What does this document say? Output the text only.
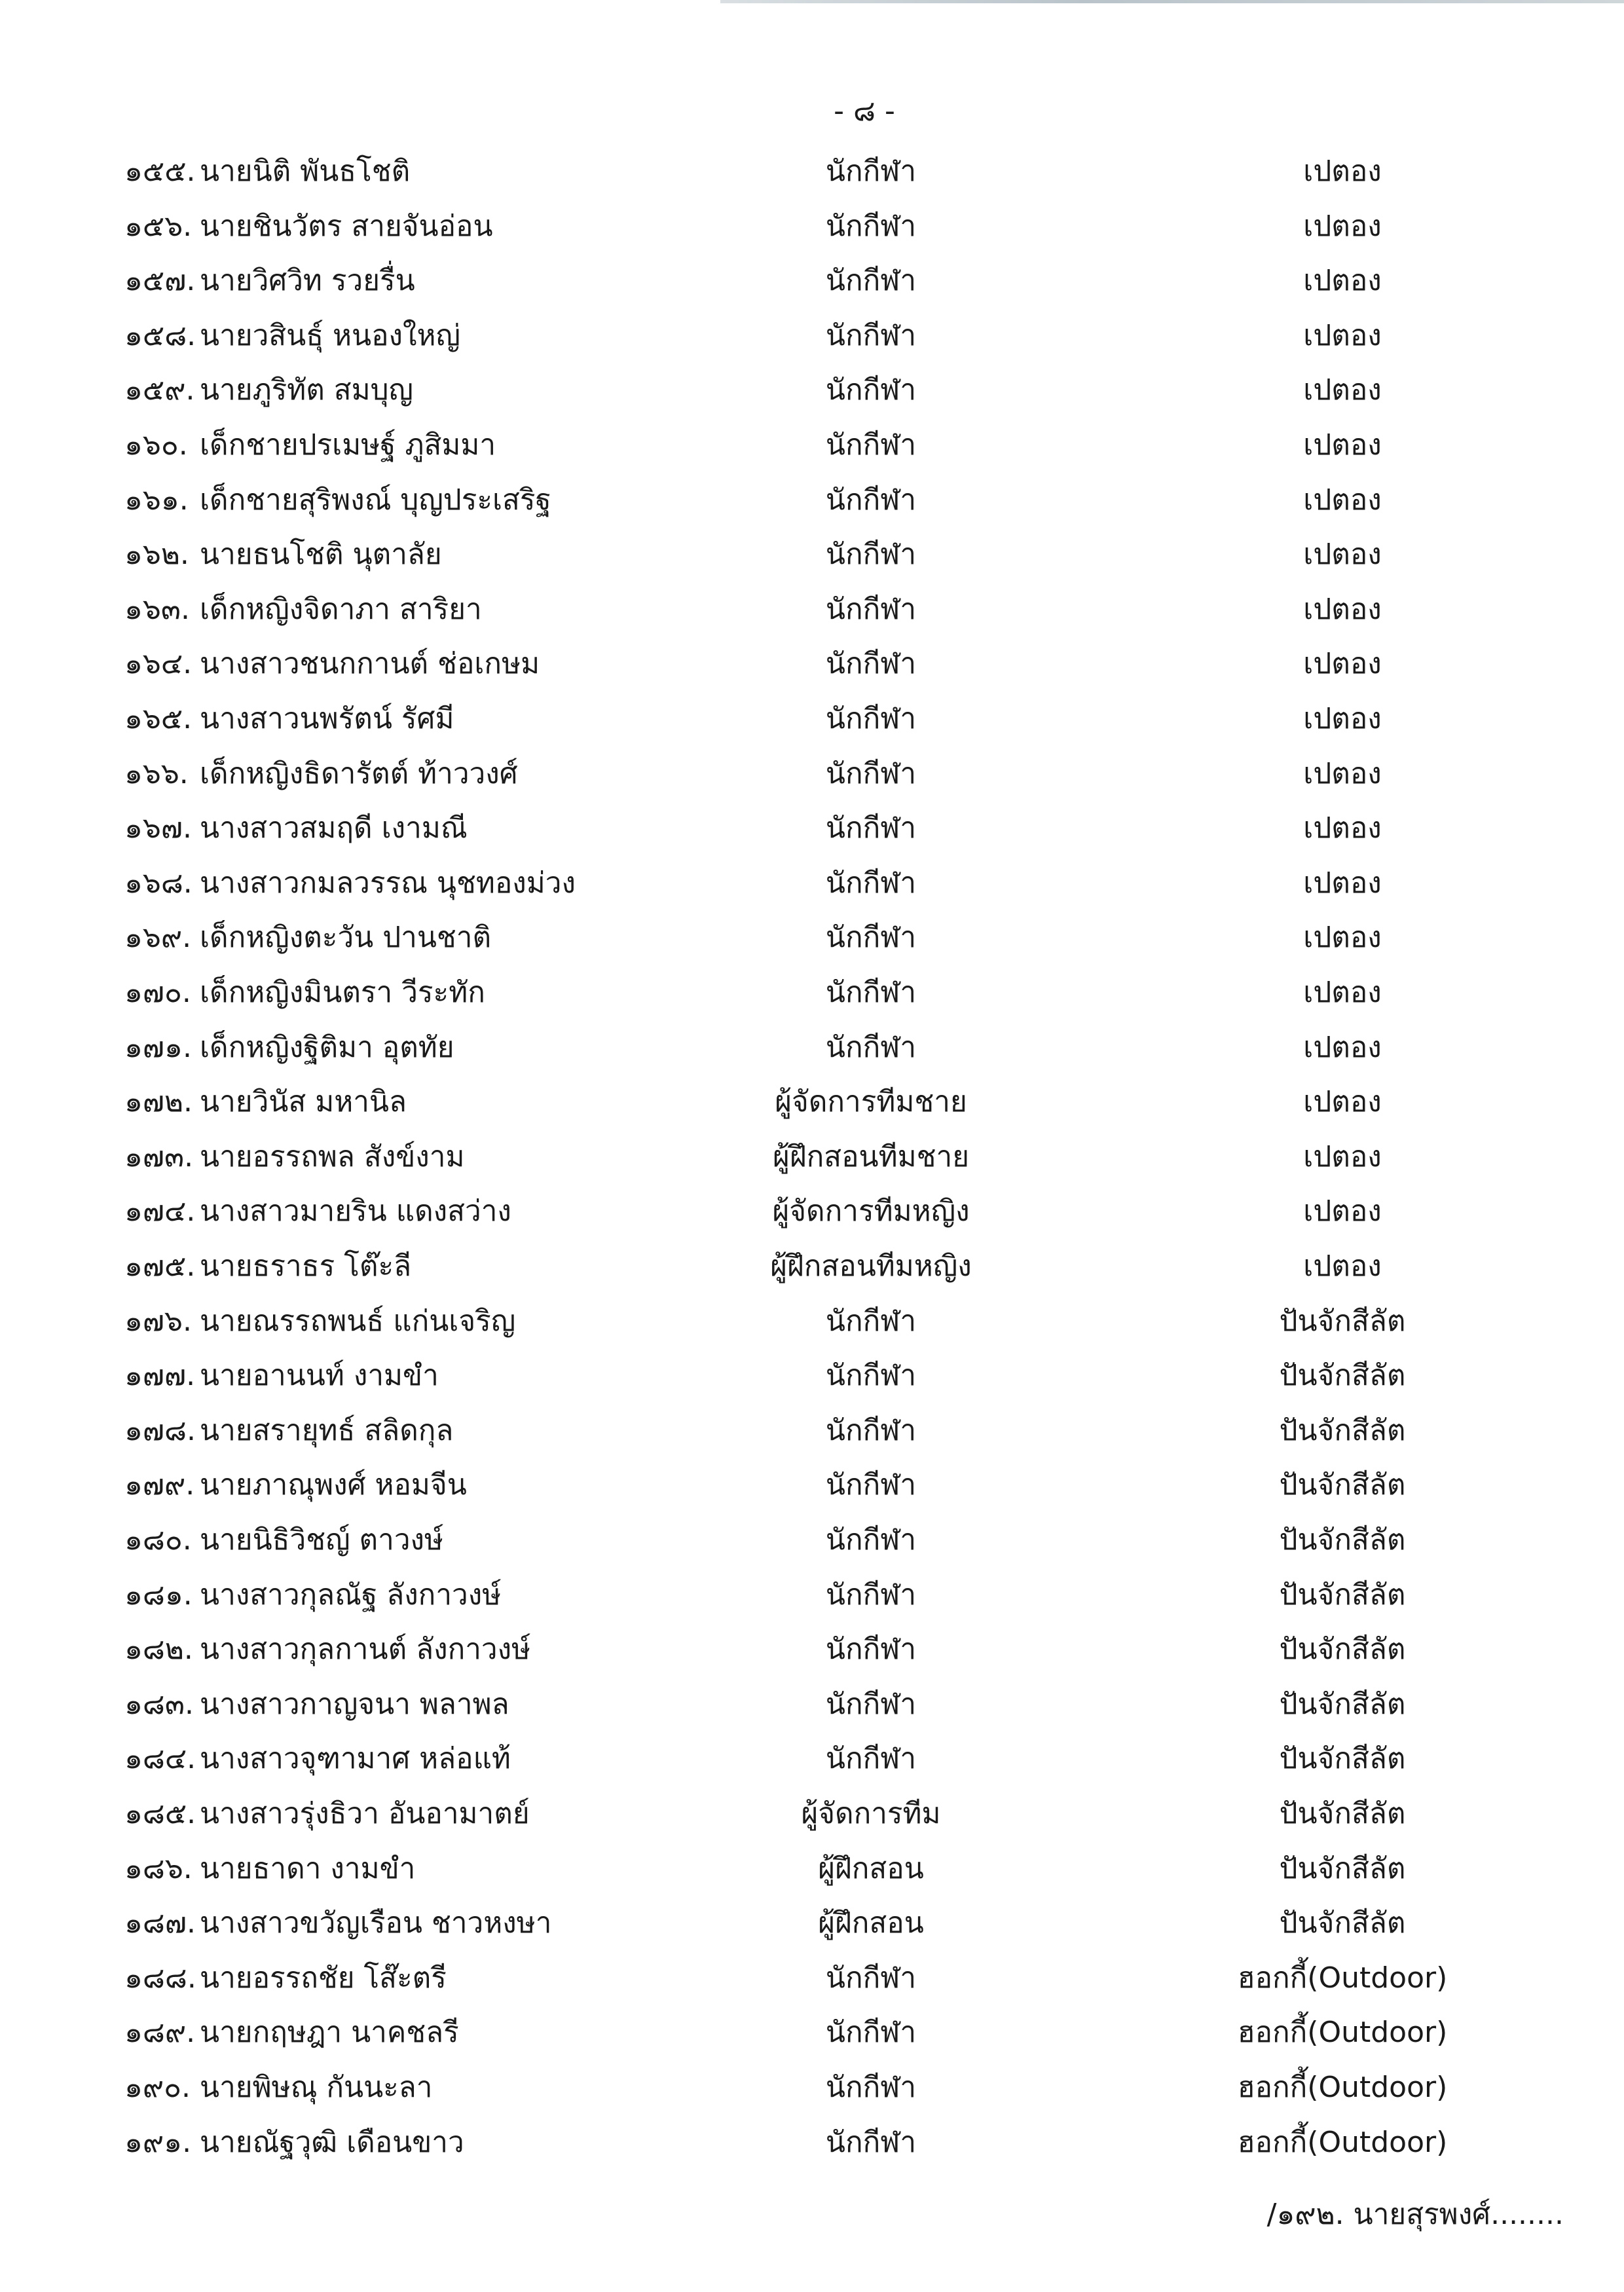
- ๘ -
๑๕๕. นายนิติ พันธโชติ	นักกีฬา	เปตอง
๑๕๖. นายชินวัตร สายจันอ่อน	นักกีฬา	เปตอง
๑๕๗. นายวิศวิท รวยรื่น	นักกีฬา	เปตอง
๑๕๘. นายวสินธุ์ หนองใหญ่	นักกีฬา	เปตอง
๑๕๙. นายภูริทัต สมบุญ	นักกีฬา	เปตอง
๑๖๐. เด็กชายปรเมษฐ์ ภูสิมมา	นักกีฬา	เปตอง
๑๖๑. เด็กชายสุริพงณ์ บุญประเสริฐ	นักกีฬา	เปตอง
๑๖๒. นายธนโชติ นุตาลัย	นักกีฬา	เปตอง
๑๖๓. เด็กหญิงจิดาภา สาริยา	นักกีฬา	เปตอง
๑๖๔. นางสาวชนกกานต์ ช่อเกษม	นักกีฬา	เปตอง
๑๖๕. นางสาวนพรัตน์ รัศมี	นักกีฬา	เปตอง
๑๖๖. เด็กหญิงธิดารัตต์ ท้าววงศ์	นักกีฬา	เปตอง
๑๖๗. นางสาวสมฤดี เงามณี	นักกีฬา	เปตอง
๑๖๘. นางสาวกมลวรรณ นุชทองม่วง	นักกีฬา	เปตอง
๑๖๙. เด็กหญิงตะวัน ปานชาติ	นักกีฬา	เปตอง
๑๗๐. เด็กหญิงมินตรา วีระทัก	นักกีฬา	เปตอง
๑๗๑. เด็กหญิงฐิติมา อุตทัย	นักกีฬา	เปตอง
๑๗๒. นายวินัส มหานิล	ผู้จัดการทีมชาย	เปตอง
๑๗๓. นายอรรถพล สังข์งาม	ผู้ฝึกสอนทีมชาย	เปตอง
๑๗๔. นางสาวมายริน แดงสว่าง	ผู้จัดการทีมหญิง	เปตอง
๑๗๕. นายธราธร โต๊ะลี	ผู้ฝึกสอนทีมหญิง	เปตอง
๑๗๖. นายณรรถพนธ์ แก่นเจริญ	นักกีฬา	ปันจักสีลัต
๑๗๗. นายอานนท์ งามขำ	นักกีฬา	ปันจักสีลัต
๑๗๘. นายสรายุทธ์ สลิดกุล	นักกีฬา	ปันจักสีลัต
๑๗๙. นายภาณุพงศ์ หอมจีน	นักกีฬา	ปันจักสีลัต
๑๘๐. นายนิธิวิชญ์ ตาวงษ์	นักกีฬา	ปันจักสีลัต
๑๘๑. นางสาวกุลณัฐ ลังกาวงษ์	นักกีฬา	ปันจักสีลัต
๑๘๒. นางสาวกุลกานต์ ลังกาวงษ์	นักกีฬา	ปันจักสีลัต
๑๘๓. นางสาวกาญจนา พลาพล	นักกีฬา	ปันจักสีลัต
๑๘๔. นางสาวจุฑามาศ หล่อแท้	นักกีฬา	ปันจักสีลัต
๑๘๕. นางสาวรุ่งธิวา อันอามาตย์	ผู้จัดการทีม	ปันจักสีลัต
๑๘๖. นายธาดา งามขำ	ผู้ฝึกสอน	ปันจักสีลัต
๑๘๗. นางสาวขวัญเรือน ชาวหงษา	ผู้ฝึกสอน	ปันจักสีลัต
๑๘๘. นายอรรถชัย โส๊ะตรี	นักกีฬา	ฮอกกี้(Outdoor)
๑๘๙. นายกฤษฎา นาคชลรี	นักกีฬา	ฮอกกี้(Outdoor)
๑๙๐. นายพิษณุ กันนะลา	นักกีฬา	ฮอกกี้(Outdoor)
๑๙๑. นายณัฐวุฒิ เดือนขาว	นักกีฬา	ฮอกกี้(Outdoor)
/๑๙๒. นายสุรพงศ์........
